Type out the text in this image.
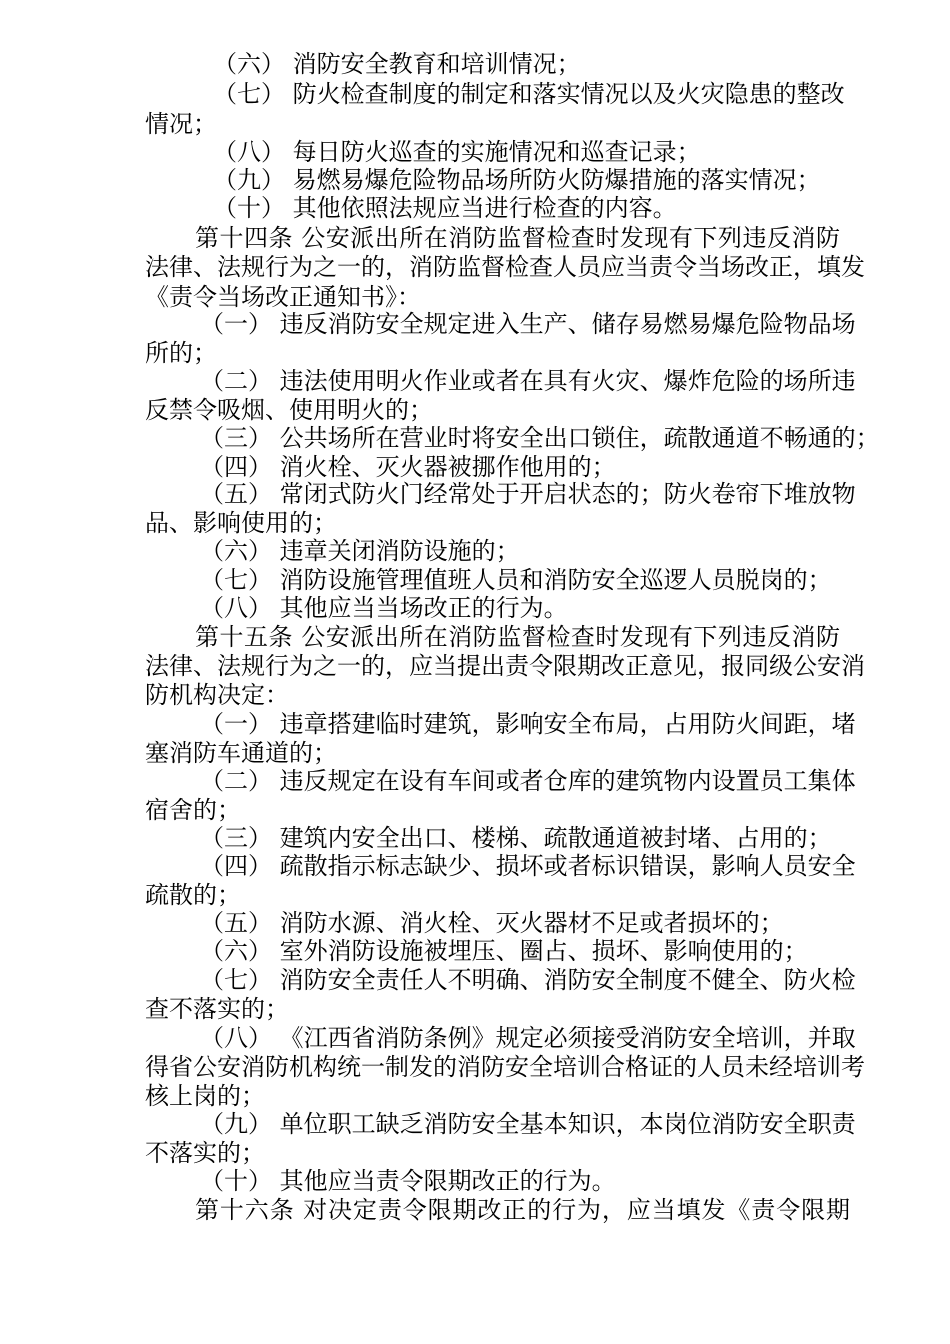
（六） 消防安全教育和培训情况；
（七） 防火检查制度的制定和落实情况以及火灾隐患的整改
情况；
（八） 每日防火巡查的实施情况和巡查记录；
（九） 易燃易爆危险物品场所防火防爆措施的落实情况；
（十） 其他依照法规应当进行检查的内容。
第十四条 公安派出所在消防监督检查时发现有下列违反消防
法律、法规行为之一的，消防监督检查人员应当责令当场改正，填发
《责令当场改正通知书》：
（一） 违反消防安全规定进入生产、储存易燃易爆危险物品场
所的；
（二） 违法使用明火作业或者在具有火灾、爆炸危险的场所违
反禁令吸烟、使用明火的；
（三） 公共场所在营业时将安全出口锁住，疏散通道不畅通的；
（四） 消火栓、灭火器被挪作他用的；
（五） 常闭式防火门经常处于开启状态的；防火卷帘下堆放物
品、影响使用的；
（六） 违章关闭消防设施的；
（七） 消防设施管理值班人员和消防安全巡逻人员脱岗的；
（八） 其他应当当场改正的行为。
第十五条 公安派出所在消防监督检查时发现有下列违反消防
法律、法规行为之一的，应当提出责令限期改正意见，报同级公安消
防机构决定：
（一） 违章搭建临时建筑，影响安全布局，占用防火间距，堵
塞消防车通道的；
（二） 违反规定在设有车间或者仓库的建筑物内设置员工集体
宿舍的；
（三） 建筑内安全出口、楼梯、疏散通道被封堵、占用的；
（四） 疏散指示标志缺少、损坏或者标识错误，影响人员安全
疏散的；
（五） 消防水源、消火栓、灭火器材不足或者损坏的；
（六） 室外消防设施被埋压、圈占、损坏、影响使用的；
（七） 消防安全责任人不明确、消防安全制度不健全、防火检
查不落实的；
（八） 《江西省消防条例》规定必须接受消防安全培训，并取
得省公安消防机构统一制发的消防安全培训合格证的人员未经培训考
核上岗的；
（九） 单位职工缺乏消防安全基本知识，本岗位消防安全职责
不落实的；
（十） 其他应当责令限期改正的行为。
第十六条 对决定责令限期改正的行为，应当填发《责令限期
